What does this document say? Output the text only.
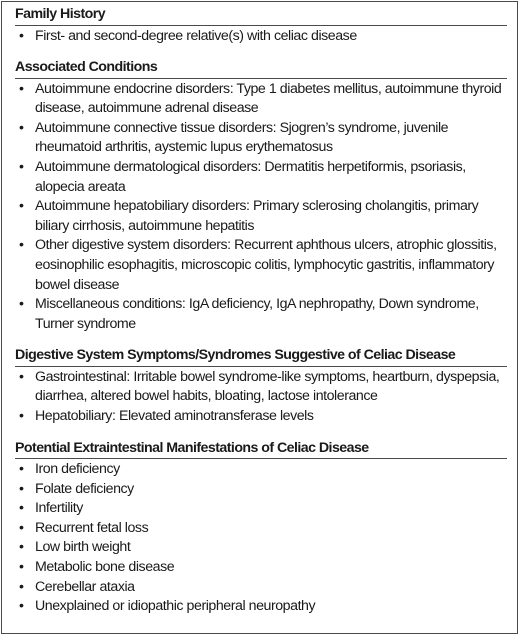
Family History
• First- and second-degree relative(s) with celiac disease
Associated Conditions
• Autoimmune endocrine disorders: Type 1 diabetes mellitus, autoimmune thyroid disease, autoimmune adrenal disease
• Autoimmune connective tissue disorders: Sjogren’s syndrome, juvenile rheumatoid arthritis, aystemic lupus erythematosus
• Autoimmune dermatological disorders: Dermatitis herpetiformis, psoriasis, alopecia areata
• Autoimmune hepatobiliary disorders: Primary sclerosing cholangitis, primary biliary cirrhosis, autoimmune hepatitis
• Other digestive system disorders: Recurrent aphthous ulcers, atrophic glossitis, eosinophilic esophagitis, microscopic colitis, lymphocytic gastritis, inflammatory bowel disease
• Miscellaneous conditions: IgA deficiency, IgA nephropathy, Down syndrome, Turner syndrome
Digestive System Symptoms/Syndromes Suggestive of Celiac Disease
• Gastrointestinal: Irritable bowel syndrome-like symptoms, heartburn, dyspepsia, diarrhea, altered bowel habits, bloating, lactose intolerance
• Hepatobiliary: Elevated aminotransferase levels
Potential Extraintestinal Manifestations of Celiac Disease
• Iron deficiency
• Folate deficiency
• Infertility
• Recurrent fetal loss
• Low birth weight
• Metabolic bone disease
• Cerebellar ataxia
• Unexplained or idiopathic peripheral neuropathy
